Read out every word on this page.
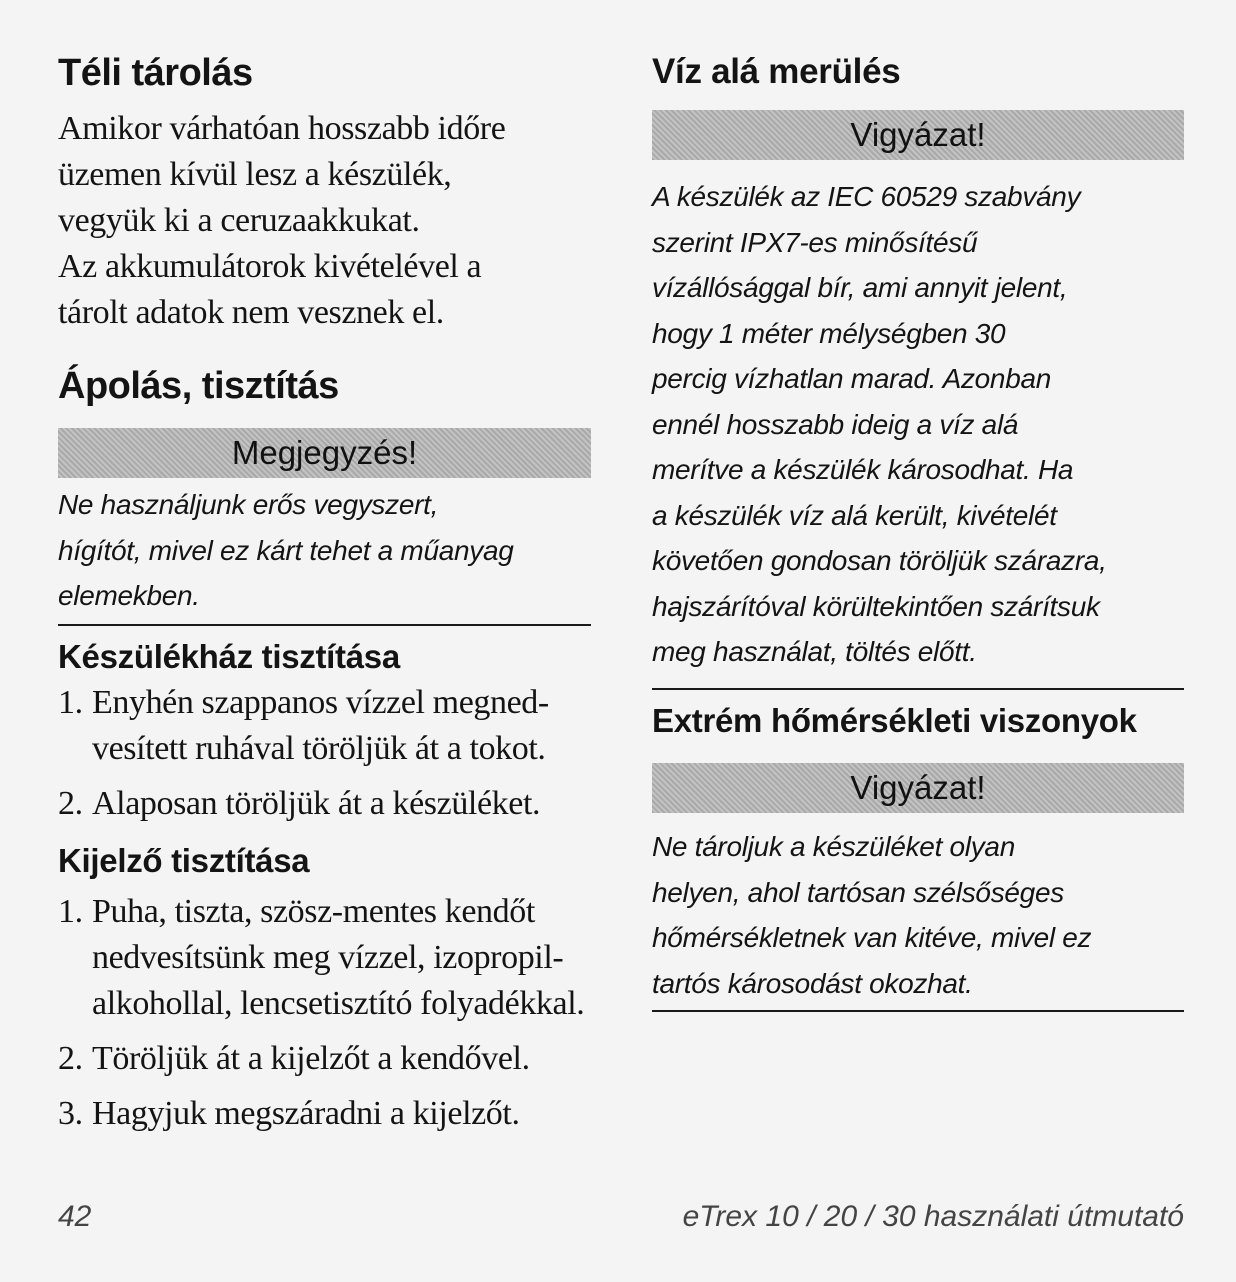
Téli tárolás

Amikor várhatóan hosszabb időre

üzemen kívül lesz a készülék,

vegyük ki a ceruzaakkukat.

Az akkumulátorok kivételével a

tárolt adatok nem vesznek el.

Ápolás, tisztítás
Megjegyzés!
Ne használjunk erős vegyszert,
hígítót, mivel ez kárt tehet a műanyag
elemekben.
Készülékház tisztítása
1. Enyhén szappanos vízzel megned-vesített ruhával töröljük át a tokot.
2. Alaposan töröljük át a készüléket.
Kijelző tisztítása
1. Puha, tiszta, szösz-mentes kendőt nedvesítsünk meg vízzel, izopropil-alkohollal, lencsetisztító folyadékkal.
2. Töröljük át a kijelzőt a kendővel.
3. Hagyjuk megszáradni a kijelzőt.
42
Víz alá merülés
Vigyázat!
A készülék az IEC 60529 szabvány
szerint IPX7-es minősítésű
vízállósággal bír, ami annyit jelent,
hogy 1 méter mélységben 30
percig vízhatlan marad. Azonban
ennél hosszabb ideig a víz alá
merítve a készülék károsodhat. Ha
a készülék víz alá került, kivételét
követően gondosan töröljük szárazra,
hajszárítóval körültekintően szárítsuk
meg használat, töltés előtt.
Extrém hőmérsékleti viszonyok
Vigyázat!
Ne tároljuk a készüléket olyan
helyen, ahol tartósan szélsőséges
hőmérsékletnek van kitéve, mivel ez
tartós károsodást okozhat.
eTrex 10 / 20 / 30 használati útmutató
